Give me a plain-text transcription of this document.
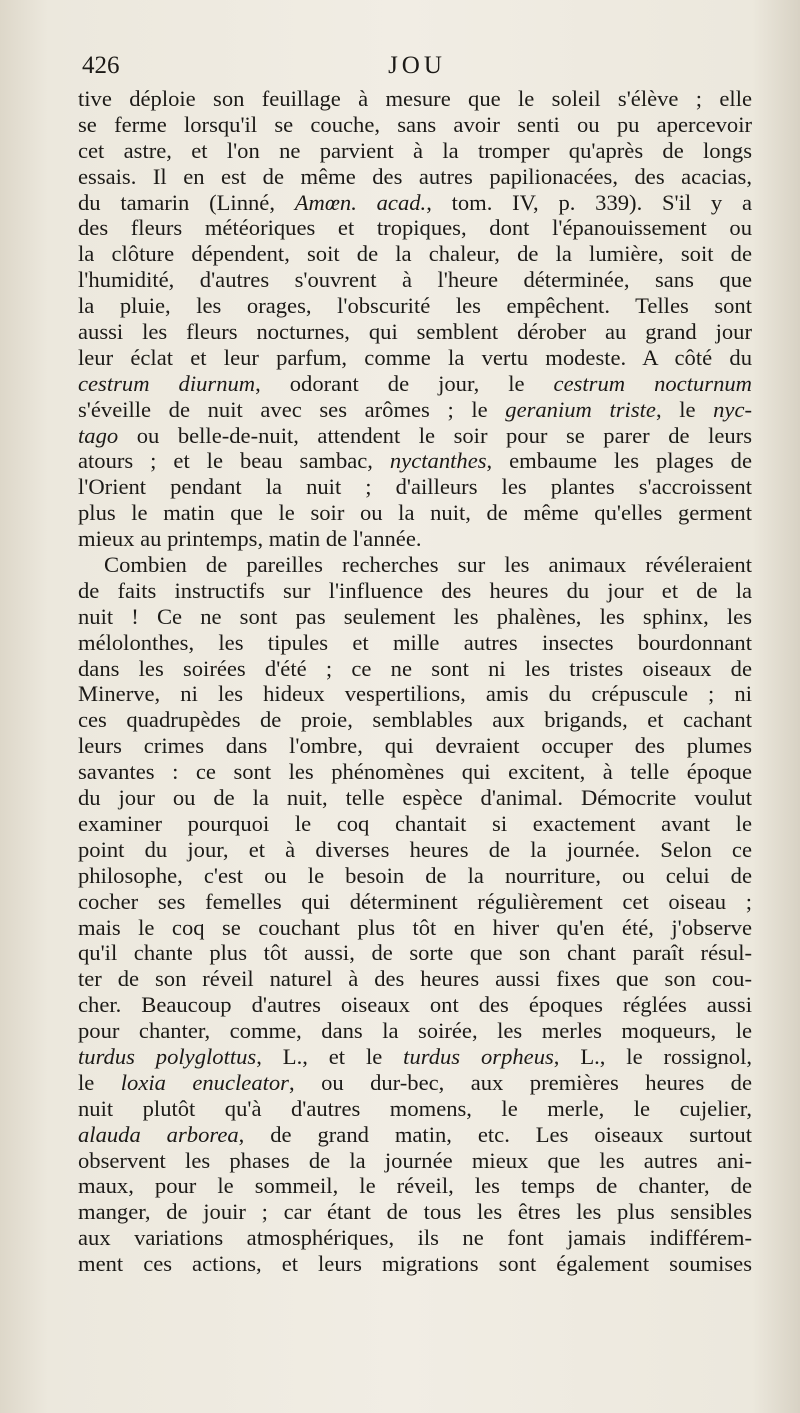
426	JOU
tive déploie son feuillage à mesure que le soleil s'élève ; elle
se ferme lorsqu'il se couche, sans avoir senti ou pu apercevoir
cet astre, et l'on ne parvient à la tromper qu'après de longs
essais. Il en est de même des autres papilionacées, des acacias,
du tamarin (Linné, Amœn. acad., tom. IV, p. 339). S'il y a
des fleurs météoriques et tropiques, dont l'épanouissement ou
la clôture dépendent, soit de la chaleur, de la lumière, soit de
l'humidité, d'autres s'ouvrent à l'heure déterminée, sans que
la pluie, les orages, l'obscurité les empêchent. Telles sont
aussi les fleurs nocturnes, qui semblent dérober au grand jour
leur éclat et leur parfum, comme la vertu modeste. A côté du
cestrum diurnum, odorant de jour, le cestrum nocturnum
s'éveille de nuit avec ses arômes ; le geranium triste, le nyc-
tago ou belle-de-nuit, attendent le soir pour se parer de leurs
atours ; et le beau sambac, nyctanthes, embaume les plages de
l'Orient pendant la nuit ; d'ailleurs les plantes s'accroissent
plus le matin que le soir ou la nuit, de même qu'elles germent
mieux au printemps, matin de l'année.
Combien de pareilles recherches sur les animaux révéleraient
de faits instructifs sur l'influence des heures du jour et de la
nuit ! Ce ne sont pas seulement les phalènes, les sphinx, les
mélolonthes, les tipules et mille autres insectes bourdonnant
dans les soirées d'été ; ce ne sont ni les tristes oiseaux de
Minerve, ni les hideux vespertilions, amis du crépuscule ; ni
ces quadrupèdes de proie, semblables aux brigands, et cachant
leurs crimes dans l'ombre, qui devraient occuper des plumes
savantes : ce sont les phénomènes qui excitent, à telle époque
du jour ou de la nuit, telle espèce d'animal. Démocrite voulut
examiner pourquoi le coq chantait si exactement avant le
point du jour, et à diverses heures de la journée. Selon ce
philosophe, c'est ou le besoin de la nourriture, ou celui de
cocher ses femelles qui déterminent régulièrement cet oiseau ;
mais le coq se couchant plus tôt en hiver qu'en été, j'observe
qu'il chante plus tôt aussi, de sorte que son chant paraît résul-
ter de son réveil naturel à des heures aussi fixes que son cou-
cher. Beaucoup d'autres oiseaux ont des époques réglées aussi
pour chanter, comme, dans la soirée, les merles moqueurs, le
turdus polyglottus, L., et le turdus orpheus, L., le rossignol,
le loxia enucleator, ou dur-bec, aux premières heures de
nuit plutôt qu'à d'autres momens, le merle, le cujelier,
alauda arborea, de grand matin, etc. Les oiseaux surtout
observent les phases de la journée mieux que les autres ani-
maux, pour le sommeil, le réveil, les temps de chanter, de
manger, de jouir ; car étant de tous les êtres les plus sensibles
aux variations atmosphériques, ils ne font jamais indifférem-
ment ces actions, et leurs migrations sont également soumises
